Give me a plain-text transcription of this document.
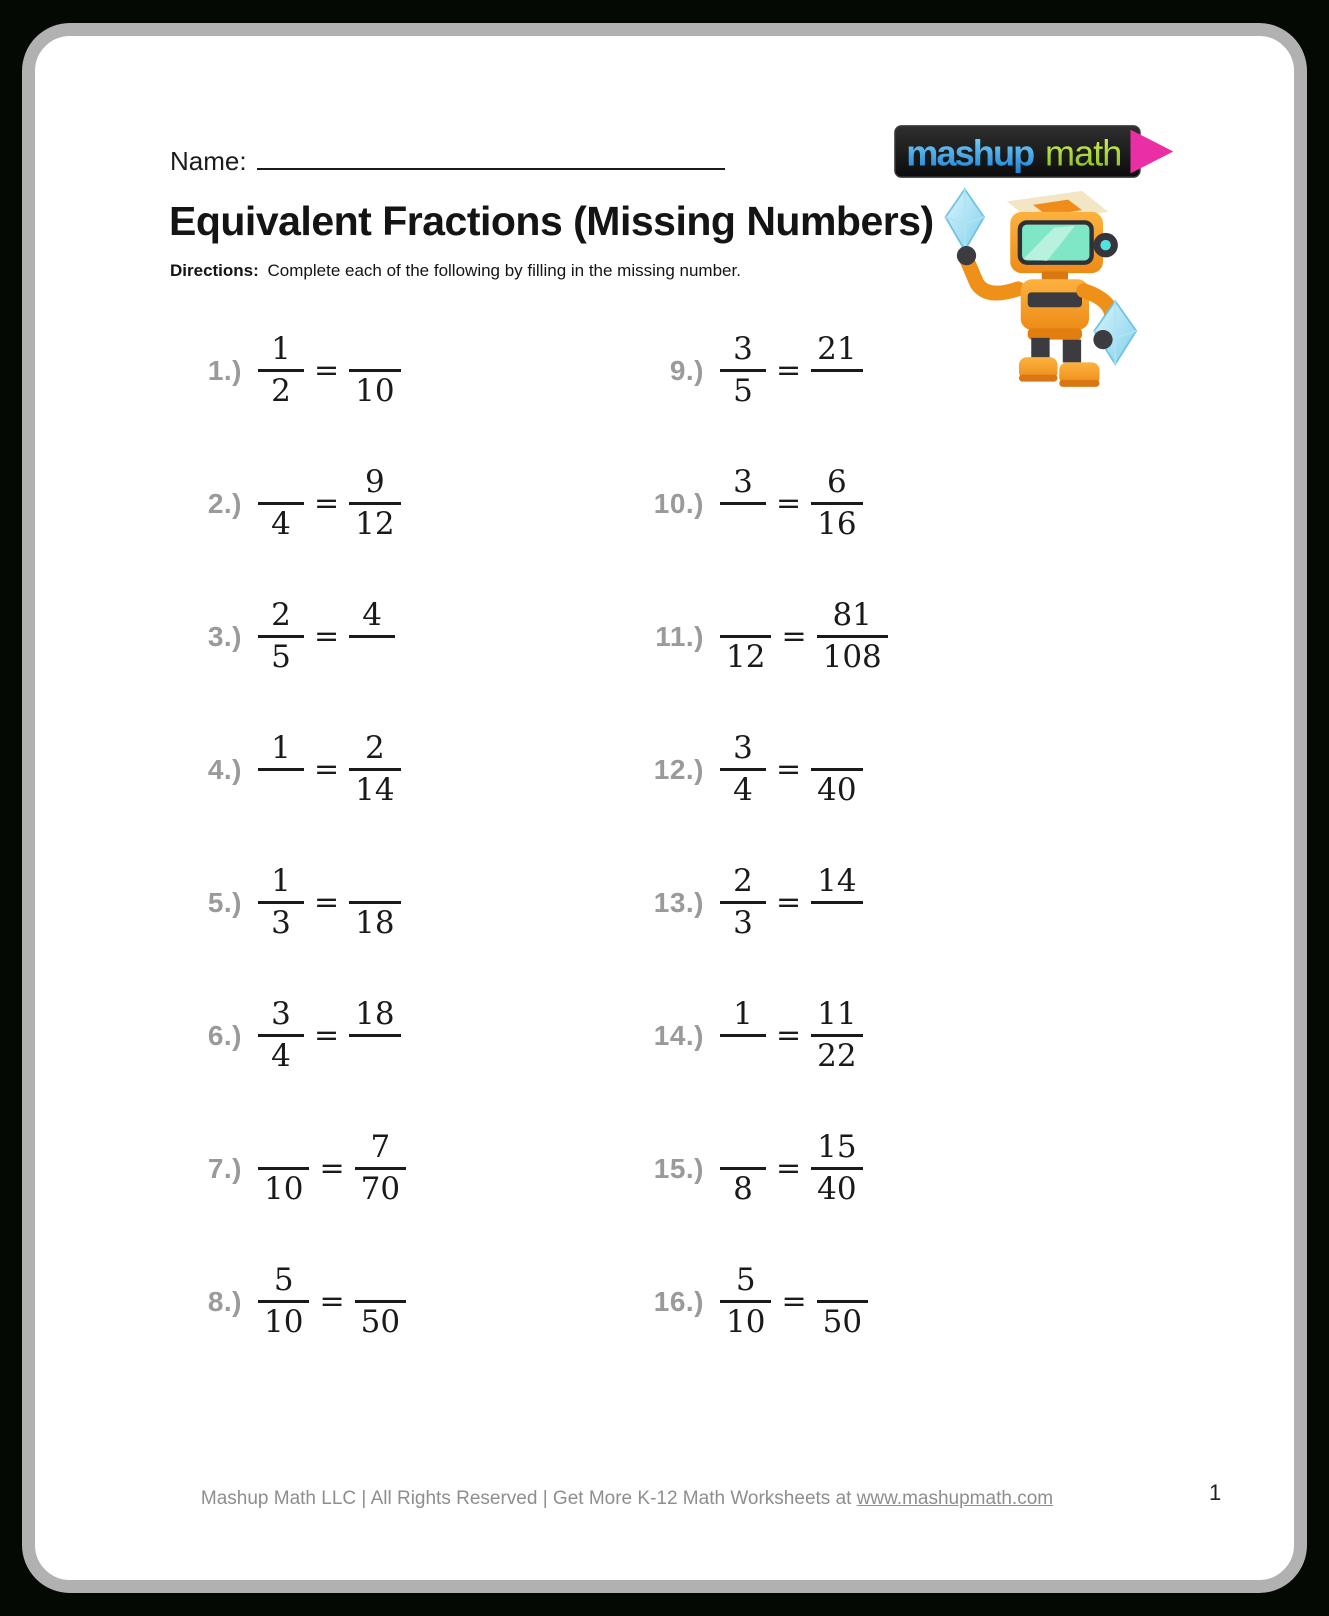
Name:
Equivalent Fractions (Missing Numbers)
Directions: Complete each of the following by filling in the missing number.
mashup math
$1.) \frac{1}{2}$ =
10
2.)
4
= $\frac{9}{12}$
$3.) \frac{2}{5}$ =
4
4.)
1
= $\frac{2}{14}$
$5.) \frac{1}{3}$ =
18
$6.) \frac{3}{4}$ =
18
7.)
10
= $\frac{7}{70}$
$8.) \frac{5}{10}$ =
50
$9.) \frac{3}{5}$ =
21
10.)
3
= $\frac{6}{16}$
11.)
12
= $\frac{81}{108}$
$12.) \frac{3}{4}$ =
40
$13.) \frac{2}{3}$ =
14
14.)
1
= $\frac{11}{22}$
15.)
8
= $\frac{15}{40}$
$16.) \frac{5}{10}$ =
50
Mashup Math LLC | All Rights Reserved | Get More K-12 Math Worksheets at www.mashupmath.com	1
